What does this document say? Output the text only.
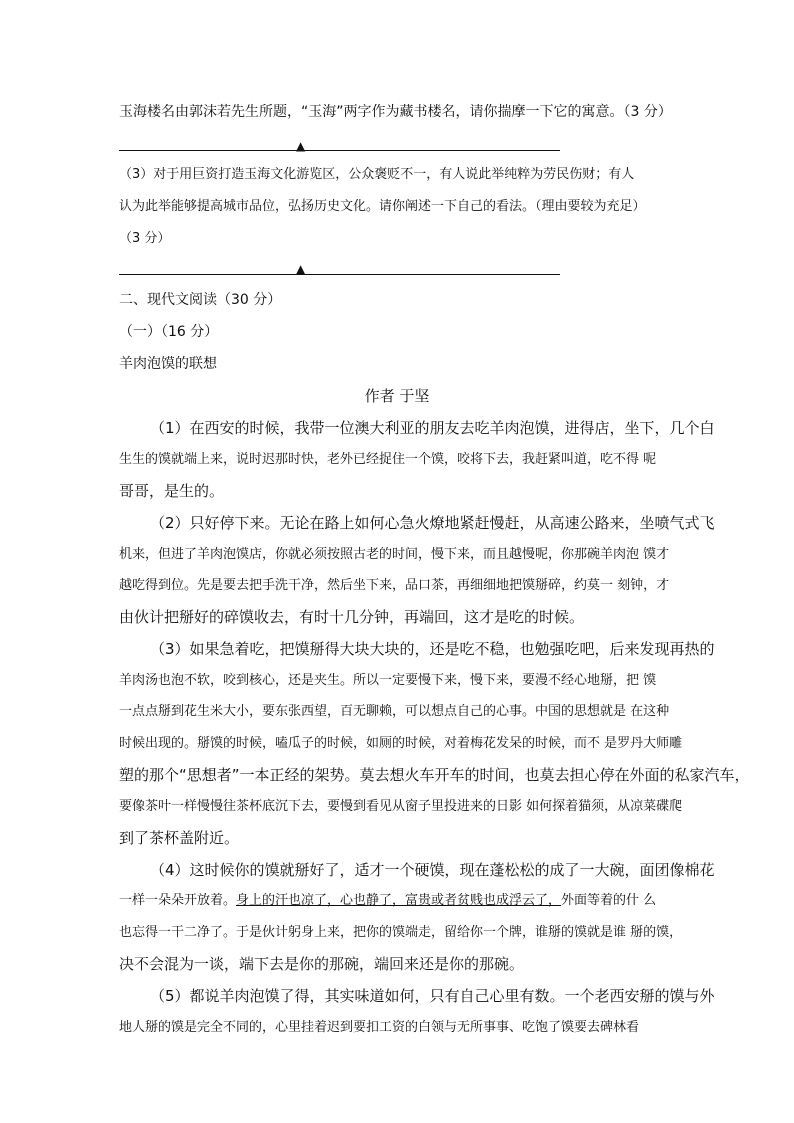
玉海楼名由郭沫若先生所题，“玉海”两字作为藏书楼名，请你揣摩一下它的寓意。（3 分）
▲
（3）对于用巨资打造玉海文化游览区，公众褒贬不一，有人说此举纯粹为劳民伤财；有人
认为此举能够提高城市品位，弘扬历史文化。请你阐述一下自己的看法。（理由要较为充足）
（3 分）
▲
二、现代文阅读（30 分）
（一）（16 分）
羊肉泡馍的联想
作者 于坚
（1）在西安的时候，我带一位澳大利亚的朋友去吃羊肉泡馍，进得店，坐下，几个白
生生的馍就端上来，说时迟那时快，老外已经捉住一个馍，咬将下去，我赶紧叫道，吃不得 呢
哥哥，是生的。
（2）只好停下来。无论在路上如何心急火燎地紧赶慢赶，从高速公路来，坐喷气式飞
机来，但进了羊肉泡馍店，你就必须按照古老的时间，慢下来，而且越慢呢，你那碗羊肉泡 馍才
越吃得到位。先是要去把手洗干净，然后坐下来，品口茶，再细细地把馍掰碎，约莫一 刻钟，才
由伙计把掰好的碎馍收去，有时十几分钟，再端回，这才是吃的时候。
（3）如果急着吃，把馍掰得大块大块的，还是吃不稳，也勉强吃吧，后来发现再热的
羊肉汤也泡不软，咬到核心，还是夹生。所以一定要慢下来，慢下来，要漫不经心地掰，把 馍
一点点掰到花生米大小，要东张西望，百无聊赖，可以想点自己的心事。中国的思想就是 在这种
时候出现的。掰馍的时候，嗑瓜子的时候，如厕的时候，对着梅花发呆的时候，而不 是罗丹大师雕
塑的那个“思想者”一本正经的架势。莫去想火车开车的时间，也莫去担心停在外面的私家汽车，
要像茶叶一样慢慢往茶杯底沉下去，要慢到看见从窗子里投进来的日影 如何探着猫须，从凉菜碟爬
到了茶杯盖附近。
（4）这时候你的馍就掰好了，适才一个硬馍，现在蓬松松的成了一大碗，面团像棉花
一样一朵朵开放着。身上的汗也凉了，心也静了，富贵或者贫贱也成浮云了，外面等着的什 么
也忘得一干二净了。于是伙计躬身上来，把你的馍端走，留给你一个牌，谁掰的馍就是谁 掰的馍，
决不会混为一谈，端下去是你的那碗，端回来还是你的那碗。
（5）都说羊肉泡馍了得，其实味道如何，只有自己心里有数。一个老西安掰的馍与外
地人掰的馍是完全不同的，心里挂着迟到要扣工资的白领与无所事事、吃饱了馍要去碑林看
